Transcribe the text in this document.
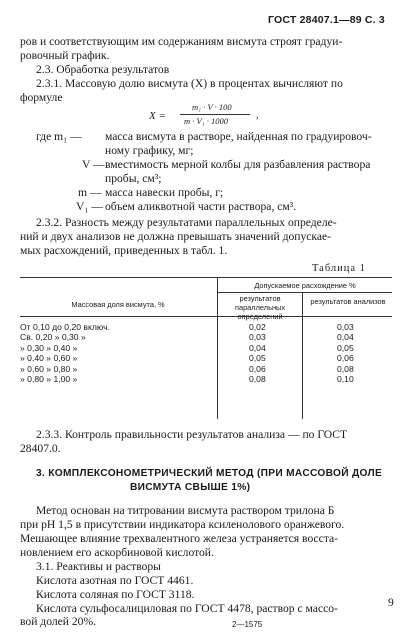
ГОСТ 28407.1—89 С. 3
ров и соответствующим им содержаниям висмута строят градуи-
ровочный график.
2.3. Обработка результатов
2.3.1. Массовую долю висмута (X) в процентах вычисляют по
формуле
X =
m₁ · V · 100
m · V₁ · 1000	,
где m₁ — масса висмута в растворе, найденная по градуировоч-
ному графику, мг;
V — вместимость мерной колбы для разбавления раствора
пробы, см³;
m — масса навески пробы, г;
V₁ — объем аликвотной части раствора, см³.
2.3.2. Разность между результатами параллельных определе-
ний и двух анализов не должна превышать значений допускае-
мых расхождений, приведенных в табл. 1.
Таблица 1
Массовая доля висмута, %
Допускаемое расхождение %
результатов параллельных определений
результатов анализов
От 0,10 до 0,20 включ.
Св. 0,20 » 0,30 »
» 0,30 » 0,40 »
» 0,40 » 0,60 »
» 0,60 » 0,80 »
» 0,80 » 1,00 »
0,02
0,03
0,04
0,05
0,06
0,08
0,03
0,04
0,05
0,06
0,08
0,10
2.3.3. Контроль правильности результатов анализа — по ГОСТ
28407.0.
3. КОМПЛЕКСОНОМЕТРИЧЕСКИЙ МЕТОД (ПРИ МАССОВОЙ ДОЛЕ
ВИСМУТА СВЫШЕ 1%)
Метод основан на титровании висмута раствором трилона Б
при pH 1,5 в присутствии индикатора ксиленолового оранжевого.
Мешающее влияние трехвалентного железа устраняется восста-
новлением его аскорбиновой кислотой.
3.1. Реактивы и растворы
Кислота азотная по ГОСТ 4461.
Кислота соляная по ГОСТ 3118.
Кислота сульфосалициловая по ГОСТ 4478, раствор с массо-
вой долей 20%.
9
2—1575
